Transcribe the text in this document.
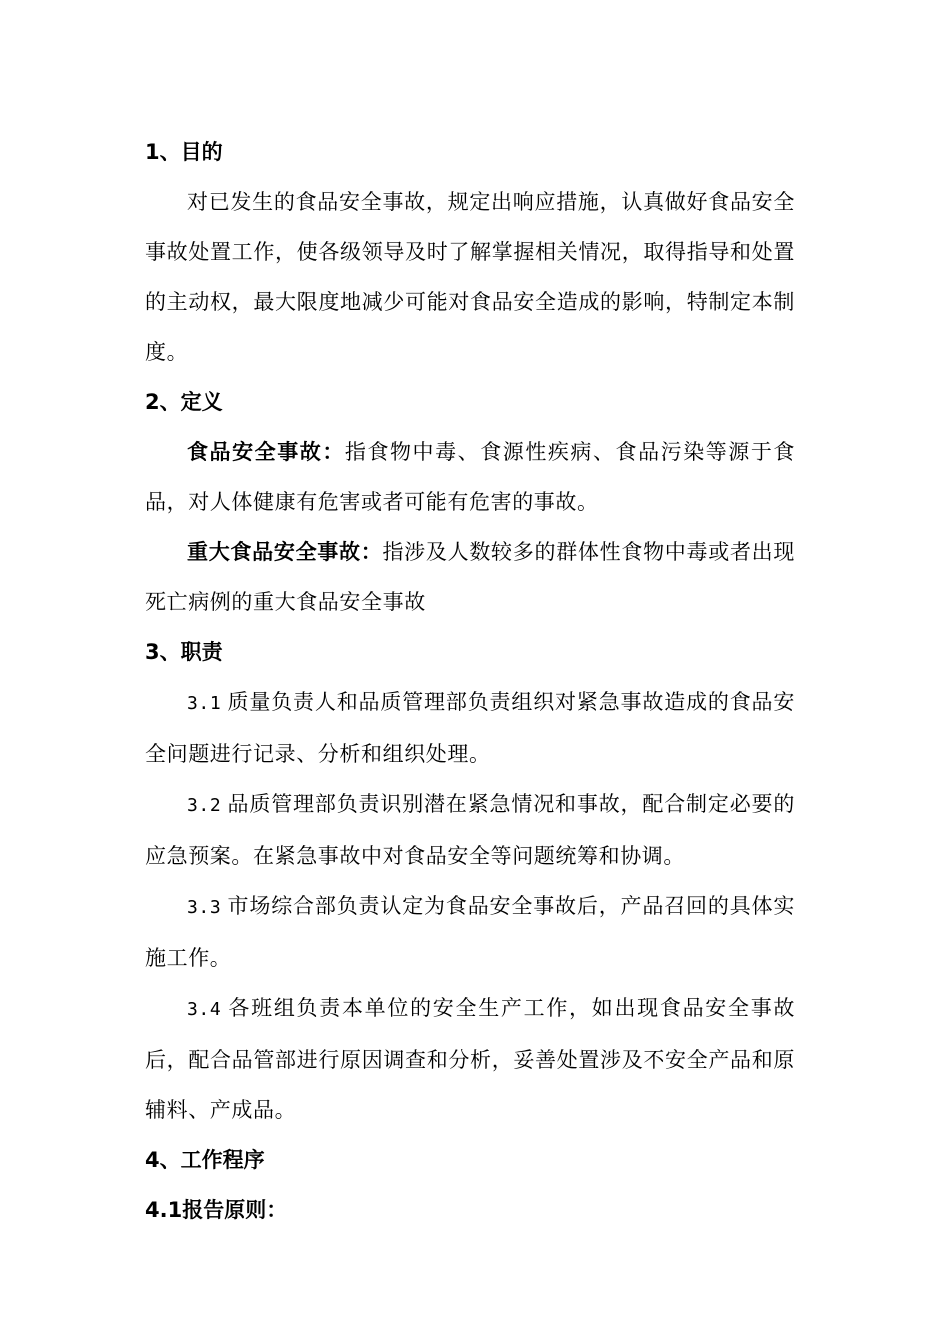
1、目的

对已发生的食品安全事故，规定出响应措施，认真做好食品安全事故处置工作，使各级领导及时了解掌握相关情况，取得指导和处置的主动权，最大限度地减少可能对食品安全造成的影响，特制定本制度。

2、定义

食品安全事故：指食物中毒、食源性疾病、食品污染等源于食品，对人体健康有危害或者可能有危害的事故。

重大食品安全事故：指涉及人数较多的群体性食物中毒或者出现死亡病例的重大食品安全事故

3、职责

3.1 质量负责人和品质管理部负责组织对紧急事故造成的食品安全问题进行记录、分析和组织处理。

3.2 品质管理部负责识别潜在紧急情况和事故，配合制定必要的应急预案。在紧急事故中对食品安全等问题统筹和协调。

3.3 市场综合部负责认定为食品安全事故后，产品召回的具体实施工作。

3.4 各班组负责本单位的安全生产工作，如出现食品安全事故后，配合品管部进行原因调查和分析，妥善处置涉及不安全产品和原辅料、产成品。

4、工作程序

4.1报告原则：
